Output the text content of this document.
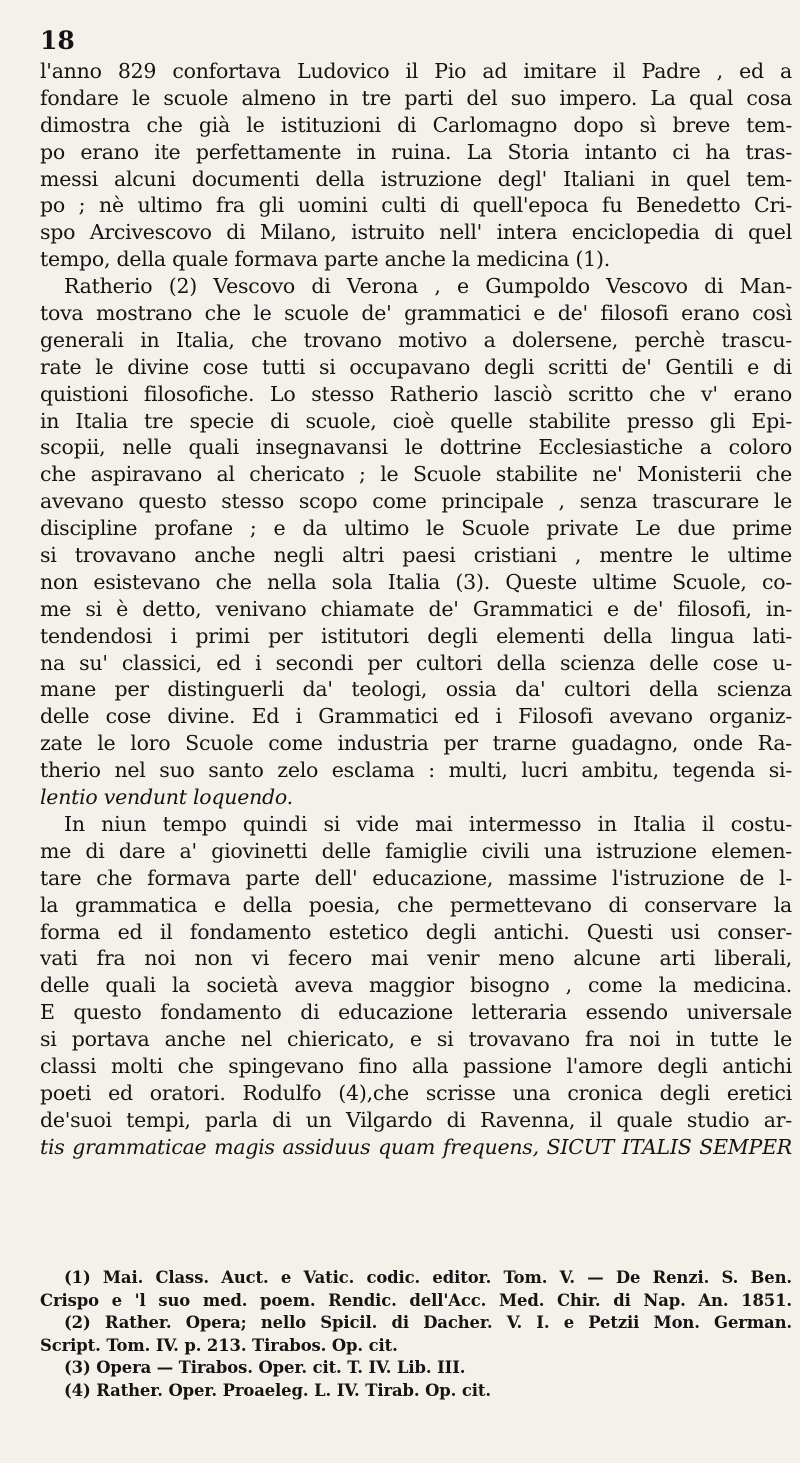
18
l'anno 829 confortava Ludovico il Pio ad imitare il Padre , ed a
fondare le scuole almeno in tre parti del suo impero. La qual cosa
dimostra che già le istituzioni di Carlomagno dopo sì breve tem-
po erano ite perfettamente in ruina. La Storia intanto ci ha tras-
messi alcuni documenti della istruzione degl' Italiani in quel tem-
po ; nè ultimo fra gli uomini culti di quell'epoca fu Benedetto Cri-
spo Arcivescovo di Milano, istruito nell' intera enciclopedia di quel
tempo, della quale formava parte anche la medicina (1).
Ratherio (2) Vescovo di Verona , e Gumpoldo Vescovo di Man-
tova mostrano che le scuole de' grammatici e de' filosofi erano così
generali in Italia, che trovano motivo a dolersene, perchè trascu-
rate le divine cose tutti si occupavano degli scritti de' Gentili e di
quistioni filosofiche. Lo stesso Ratherio lasciò scritto che v' erano
in Italia tre specie di scuole, cioè quelle stabilite presso gli Epi-
scopii, nelle quali insegnavansi le dottrine Ecclesiastiche a coloro
che aspiravano al chericato ; le Scuole stabilite ne' Monisterii che
avevano questo stesso scopo come principale , senza trascurare le
discipline profane ; e da ultimo le Scuole private Le due prime
si trovavano anche negli altri paesi cristiani , mentre le ultime
non esistevano che nella sola Italia (3). Queste ultime Scuole, co-
me si è detto, venivano chiamate de' Grammatici e de' filosofi, in-
tendendosi i primi per istitutori degli elementi della lingua lati-
na su' classici, ed i secondi per cultori della scienza delle cose u-
mane per distinguerli da' teologi, ossia da' cultori della scienza
delle cose divine. Ed i Grammatici ed i Filosofi avevano organiz-
zate le loro Scuole come industria per trarne guadagno, onde Ra-
therio nel suo santo zelo esclama : multi, lucri ambitu, tegenda si-
lentio vendunt loquendo.
In niun tempo quindi si vide mai intermesso in Italia il costu-
me di dare a' giovinetti delle famiglie civili una istruzione elemen-
tare che formava parte dell' educazione, massime l'istruzione de l-
la grammatica e della poesia, che permettevano di conservare la
forma ed il fondamento estetico degli antichi. Questi usi conser-
vati fra noi non vi fecero mai venir meno alcune arti liberali,
delle quali la società aveva maggior bisogno , come la medicina.
E questo fondamento di educazione letteraria essendo universale
si portava anche nel chiericato, e si trovavano fra noi in tutte le
classi molti che spingevano fino alla passione l'amore degli antichi
poeti ed oratori. Rodulfo (4),che scrisse una cronica degli eretici
de'suoi tempi, parla di un Vilgardo di Ravenna, il quale studio ar-
tis grammaticae magis assiduus quam frequens, SICUT ITALIS SEMPER
(1) Mai. Class. Auct. e Vatic. codic. editor. Tom. V. — De Renzi. S. Ben.
Crispo e 'l suo med. poem. Rendic. dell'Acc. Med. Chir. di Nap. An. 1851.
(2) Rather. Opera; nello Spicil. di Dacher. V. I. e Petzii Mon. German.
Script. Tom. IV. p. 213. Tirabos. Op. cit.
(3) Opera — Tirabos. Oper. cit. T. IV. Lib. III.
(4) Rather. Oper. Proaeleg. L. IV. Tirab. Op. cit.
